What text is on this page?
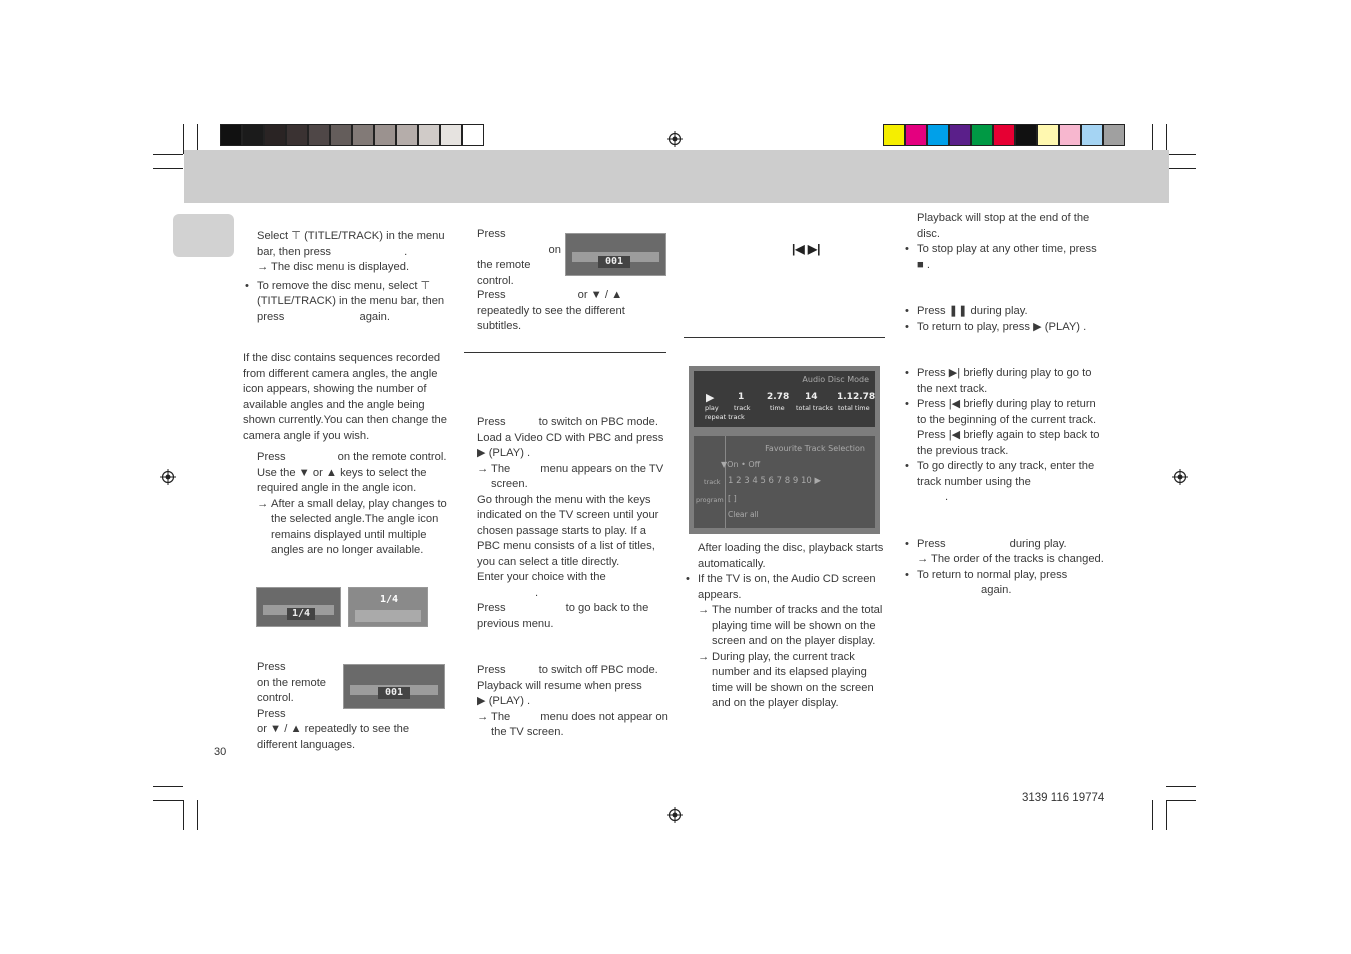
Select ⊤ (TITLE/TRACK) in the menu bar, then press	.

→ The disc menu is displayed.

• To remove the disc menu, select ⊤ (TITLE/TRACK) in the menu bar, then press	again.

If the disc contains sequences recorded from different camera angles, the angle icon appears, showing the number of available angles and the angle being shown currently.You can then change the camera angle if you wish.

Press	on the remote control.

Use the ▼ or ▲ keys to select the required angle in the angle icon.

→ After a small delay, play changes to the selected angle.The angle icon remains displayed until multiple angles are no longer available.

1/4
1/4

Press

on the remote control.

Press

or ▼ / ▲ repeatedly to see the different languages.

001
30

Press

on

the remote control.

001

Press	or ▼ / ▲

repeatedly to see the different subtitles.

Press	to switch on PBC mode.

Load a Video CD with PBC and press

▶ (PLAY) .

→ The	menu appears on the TV screen.

Go through the menu with the keys indicated on the TV screen until your chosen passage starts to play. If a PBC menu consists of a list of titles, you can select a title directly.

Enter your choice with the

.

Press	to go back to the previous menu.

Press	to switch off PBC mode.

Playback will resume when press

▶ (PLAY) .

→ The	menu does not appear on the TV screen.

|◀ ▶|
Audio Disc Mode
▶	1	2.78 14 1.12.78
play track	time total tracks total time
repeat track
Favourite Track Selection
▼On • Off
track 1 2 3 4 5 6 7 8 9 10 ▶
program [ ]
Clear all

After loading the disc, playback starts automatically.

• If the TV is on, the Audio CD screen appears.

→ The number of tracks and the total playing time will be shown on the screen and on the player display.

→ During play, the current track number and its elapsed playing time will be shown on the screen and on the player display.

Playback will stop at the end of the disc.

• To stop play at any other time, press

■ .

• Press ❚❚ during play.

• To return to play, press ▶ (PLAY) .

• Press ▶| briefly during play to go to the next track.

• Press |◀ briefly during play to return to the beginning of the current track. Press |◀ briefly again to step back to the previous track.

• To go directly to any track, enter the track number using the

.

• Press	during play.

→ The order of the tracks is changed.

• To return to normal play, press

again.

3139 116 19774
